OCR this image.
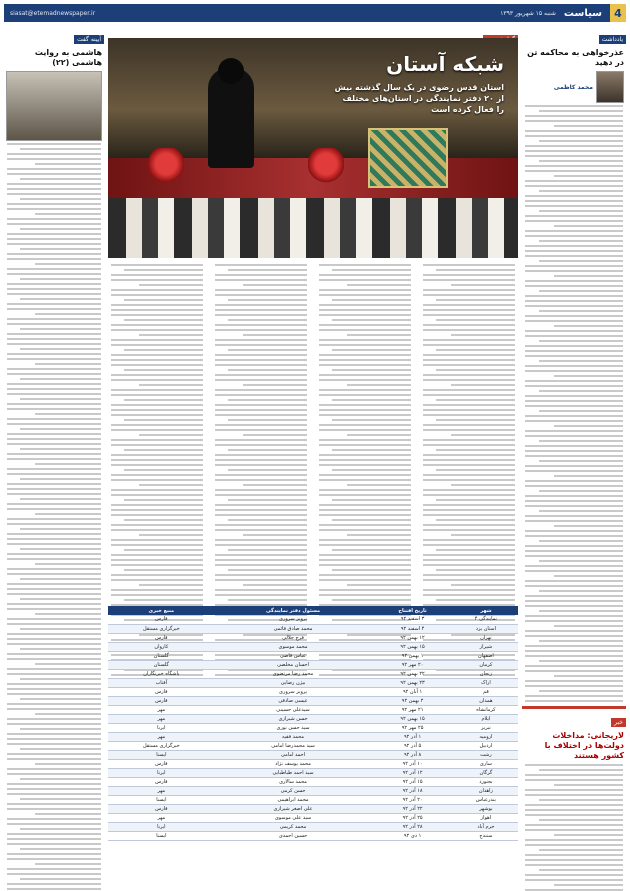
4
سیاست
شنبه ۱۵ شهریور ۱۳۹۳
siasat@etemadnewspaper.ir
یادداشت
عذرخواهی به محاکمه تن در دهید
محمد کاظمی
خبر
لاریجانی: مداخلات دولت‌ها در اختلاف با کشور هستند
شبکه آستان
استان قدس رضوی در یک سال گذشته بیش از ۲۰ دفتر نمایندگی در استان‌های مختلف را فعال کرده است
شهر	تاریخ افتتاح	مسئول دفتر نمایندگی	منبع خبری
نمایندگی ۴	۳ اسفند ۹۲	پرویز سروری	فارس
استان یزد	۴ اسفند ۹۲	محمد صادق قائمی	خبرگزاری مستقل
تهران	۱۲ بهمن ۹۲	فرج جلالی	فارس
شیراز	۱۵ بهمن ۹۲	محمد موسوی	کاروان
اصفهان	۱ بهمن ۹۲	عباس قاضی	گلستان
کرمان	۲۰ مهر ۹۲	احسان مخلصی	گلستان
زنجان	۲۲ بهمن ۹۲	محمد رضا مرتضوی	باشگاه خبرنگاران
اراک	۲۳ بهمن ۹۲	بیژن رضایی	آفتاب
قم	۱ آبان ۹۲	پرویز سروری	فارس
همدان	۲ بهمن ۹۲	عیسی صادقی	فارس
کرمانشاه	۲۱ مهر ۹۲	سیدعلی حسینی	مهر
ایلام	۱۵ بهمن ۹۲	حسن شیرازی	مهر
تبریز	۲۵ مهر ۹۲	سید حسن نوری	ایرنا
ارومیه	۱ آذر ۹۲	محمد فقیه	مهر
اردبیل	۵ آذر ۹۲	سید محمدرضا امامی	خبرگزاری مستقل
رشت	۸ آذر ۹۲	احمد امامی	ایسنا
ساری	۱۰ آذر ۹۲	محمد یوسف نژاد	فارس
گرگان	۱۲ آذر ۹۲	سید احمد طباطبایی	ایرنا
بجنورد	۱۵ آذر ۹۲	محمد سالاری	فارس
زاهدان	۱۸ آذر ۹۲	حسن کرمی	مهر
بندرعباس	۲۰ آذر ۹۲	محمد ابراهیمی	ایسنا
بوشهر	۲۲ آذر ۹۲	علی اصغر شیرازی	فارس
اهواز	۲۵ آذر ۹۲	سید علی موسوی	مهر
خرم آباد	۲۸ آذر ۹۲	محمد کریمی	ایرنا
سنندج	۱ دی ۹۲	حسین احمدی	ایسنا
آیینه گفت
هاشمی به روایت هاشمی (۲۲)
